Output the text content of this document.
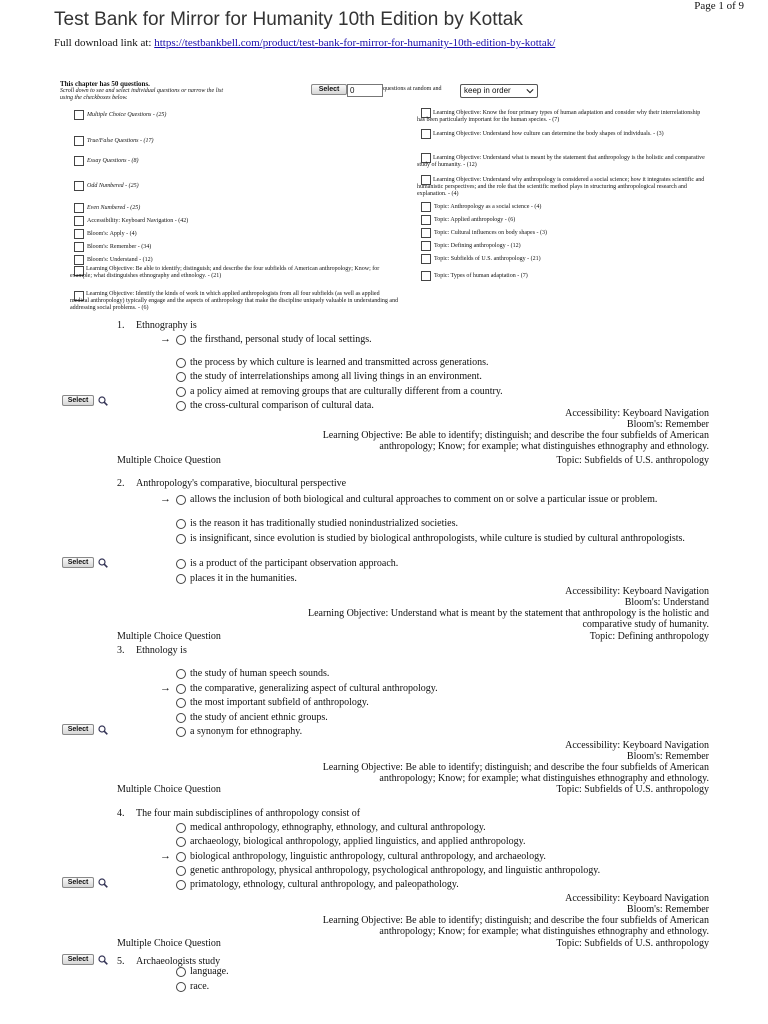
Test Bank for Mirror for Humanity 10th Edition by Kottak
Page 1 of 9
Full download link at: https://testbankbell.com/product/test-bank-for-mirror-for-humanity-10th-edition-by-kottak/
This chapter has 50 questions.
Scroll down to see and select individual questions or narrow the list using the checkboxes below.
Select	0	questions at random and	keep in order
Multiple Choice Questions - (25)
True/False Questions - (17)
Essay Questions - (8)
Odd Numbered - (25)
Even Numbered - (25)
Accessibility: Keyboard Navigation - (42)
Bloom's: Apply - (4)
Bloom's: Remember - (34)
Bloom's: Understand - (12)
Learning Objective: Be able to identify; distinguish; and describe the four subfields of American anthropology; Know; for example; what distinguishes ethnography and ethnology. - (21)
Learning Objective: Identify the kinds of work in which applied anthropologists from all four subfields (as well as applied medical anthropology) typically engage and the aspects of anthropology that make the discipline uniquely valuable in understanding and addressing social problems. - (6)
Learning Objective: Know the four primary types of human adaptation and consider why their interrelationship has been particularly important for the human species. - (7)
Learning Objective: Understand how culture can determine the body shapes of individuals. - (3)
Learning Objective: Understand what is meant by the statement that anthropology is the holistic and comparative study of humanity. - (12)
Learning Objective: Understand why anthropology is considered a social science; how it integrates scientific and humanistic perspectives; and the role that the scientific method plays in structuring anthropological research and explanation. - (4)
Topic: Anthropology as a social science - (4)
Topic: Applied anthropology - (6)
Topic: Cultural influences on body shapes - (3)
Topic: Defining anthropology - (12)
Topic: Subfields of U.S. anthropology - (21)
Topic: Types of human adaptation - (7)
1. Ethnography is
→ the firsthand, personal study of local settings.
the process by which culture is learned and transmitted across generations.
the study of interrelationships among all living things in an environment.
a policy aimed at removing groups that are culturally different from a country.
the cross-cultural comparison of cultural data.
Select
Accessibility: Keyboard Navigation
Bloom's: Remember
Learning Objective: Be able to identify; distinguish; and describe the four subfields of American
anthropology; Know; for example; what distinguishes ethnography and ethnology.
Multiple Choice Question	Topic: Subfields of U.S. anthropology
2. Anthropology's comparative, biocultural perspective
→ allows the inclusion of both biological and cultural approaches to comment on or solve a particular issue or problem.
is the reason it has traditionally studied nonindustrialized societies.
is insignificant, since evolution is studied by biological anthropologists, while culture is studied by cultural anthropologists.
is a product of the participant observation approach.
places it in the humanities.
Select
Accessibility: Keyboard Navigation
Bloom's: Understand
Learning Objective: Understand what is meant by the statement that anthropology is the holistic and
comparative study of humanity.
Multiple Choice Question	Topic: Defining anthropology
3. Ethnology is
the study of human speech sounds.
→ the comparative, generalizing aspect of cultural anthropology.
the most important subfield of anthropology.
the study of ancient ethnic groups.
a synonym for ethnography.
Select
Accessibility: Keyboard Navigation
Bloom's: Remember
Learning Objective: Be able to identify; distinguish; and describe the four subfields of American
anthropology; Know; for example; what distinguishes ethnography and ethnology.
Multiple Choice Question	Topic: Subfields of U.S. anthropology
4. The four main subdisciplines of anthropology consist of
medical anthropology, ethnography, ethnology, and cultural anthropology.
archaeology, biological anthropology, applied linguistics, and applied anthropology.
→ biological anthropology, linguistic anthropology, cultural anthropology, and archaeology.
genetic anthropology, physical anthropology, psychological anthropology, and linguistic anthropology.
primatology, ethnology, cultural anthropology, and paleopathology.
Select
Accessibility: Keyboard Navigation
Bloom's: Remember
Learning Objective: Be able to identify; distinguish; and describe the four subfields of American
anthropology; Know; for example; what distinguishes ethnography and ethnology.
Multiple Choice Question	Topic: Subfields of U.S. anthropology
5. Archaeologists study
language.
race.
Select
